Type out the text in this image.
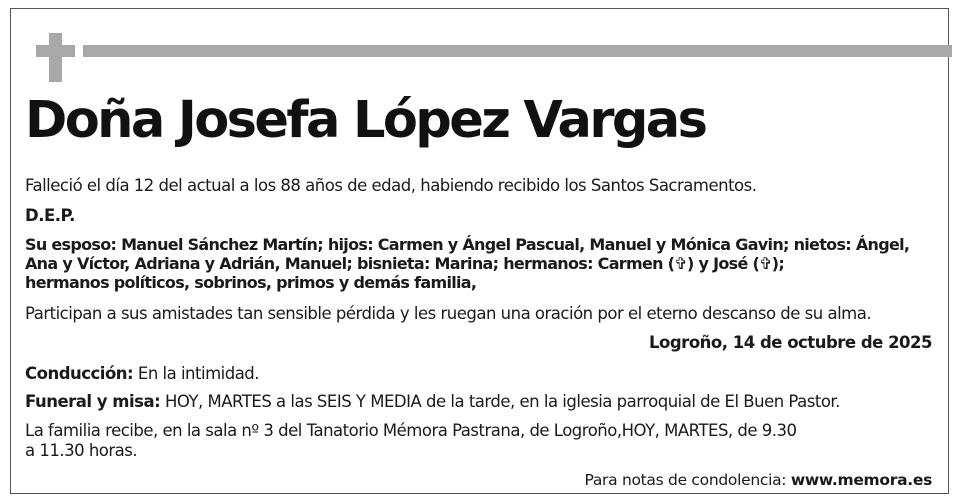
Doña Josefa López Vargas

Falleció el día 12 del actual a los 88 años de edad, habiendo recibido los Santos Sacramentos.

D.E.P.

Su esposo: Manuel Sánchez Martín; hijos: Carmen y Ángel Pascual, Manuel y Mónica Gavin; nietos: Ángel,
Ana y Víctor, Adriana y Adrián, Manuel; bisnieta: Marina; hermanos: Carmen (✞) y José (✞);
hermanos políticos, sobrinos, primos y demás familia,

Participan a sus amistades tan sensible pérdida y les ruegan una oración por el eterno descanso de su alma.

Logroño, 14 de octubre de 2025

Conducción: En la intimidad.

Funeral y misa: HOY, MARTES a las SEIS Y MEDIA de la tarde, en la iglesia parroquial de El Buen Pastor.

La familia recibe, en la sala nº 3 del Tanatorio Mémora Pastrana, de Logroño,HOY, MARTES, de 9.30

a 11.30 horas.

Para notas de condolencia: www.memora.es
